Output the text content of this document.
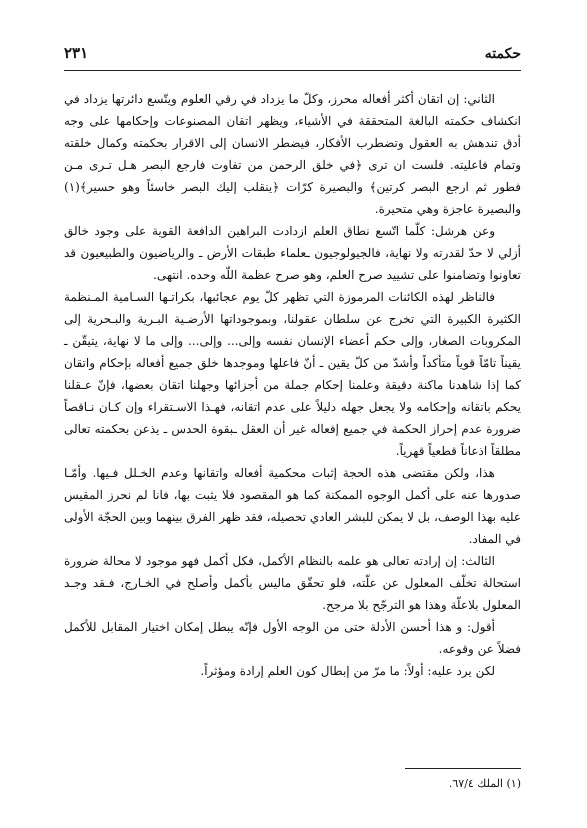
حكمته
٢٣١

الثاني: إن اتقان أكثر أفعاله محرز، وكلّ ما يزداد في رقي العلوم ويتّسع دائرتها يزداد في انكشاف حكمته البالغة المتحققة في الأشياء، ويظهر اتقان المصنوعات وإحكامها على وجه أدق تندهش به العقول وتضطرب الأفكار، فيضطر الانسان إلى الاقرار بحكمته وكمال خلقته وتمام فاعليته. فلست ان ترى ﴿في خلق الرحمن من تفاوت فارجع البصر هـل تـرى مـن فطور ثم ارجع البصر كرتين﴾ والبصيرة كرّات ﴿ينقلب إليك البصر خاسئاً وهو حسير﴾(١) والبصيرة عاجزة وهي متحيرة.

وعن هرشل: كلّما اتّسع نطاق العلم ازدادت البراهين الدافعة القوية على وجود خالق أزلي لا حدّ لقدرته ولا نهاية، فالجيولوجيون ـعلماء طبقات الأرض ـ والرياضيون والطبيعيون قد تعاونوا وتضامنوا على تشييد صرح العلم، وهو صرح عظمة اللّه وحده. انتهى.

فالناظر لهذه الكائنات المرموزة التي تظهر كلّ يوم عجائبها، بكراتـها السـامية المـنظمة الكثيرة الكبيرة التي تخرج عن سلطان عقولنا، وبموجوداتها الأرضـية البـرية والبـحرية إلى المكروبات الصغار، وإلى حكم أعضاء الإنسان نفسه وإلى... وإلى... وإلى ما لا نهاية، يتيقّن ـ يقيناً تامّاً قوياً متأكداً وأشدّ من كلّ يقين ـ أنّ فاعلها وموجدها خلق جميع أفعاله بإحكام واتقان كما إذا شاهدنا ماكنة دقيقة وعلمنا إحكام جملة من أجزائها وجهلنا اتقان بعضها، فإنّ عـقلنا يحكم باتقانه وإحكامه ولا يجعل جهله دليلاً على عدم اتقانه، فهـذا الاسـتقراء وإن كـان نـاقصاً ضرورة عدم إحراز الحكمة في جميع إفعاله غير أن العقل ـبقوة الحدس ـ يذعن بحكمته تعالى مطلقاً اذعاناً قطعياً قهرياً.

هذا، ولكن مقتضى هذه الحجة إثبات محكمية أفعاله واتقانها وعدم الخـلل فـيها. وأمّـا صدورها عنه على أكمل الوجوه الممكنة كما هو المقصود فلا يثبت بها، فانا لم نحرز المقيس عليه بهذا الوصف، بل لا يمكن للبشر العادي تحصيله، فقد ظهر الفرق بينهما وبين الحجّة الأولى في المفاد.

الثالث: إن إرادته تعالى هو علمه بالنظام الأكمل، فكل أكمل فهو موجود لا محالة ضرورة استحالة تخلّف المعلول عن علّته، فلو تحقّق ماليس بأكمل وأصلح في الخـارج، فـقد وجـد المعلول بلاعلّة وهذا هو الترجّح بلا مرجح.

أقول: و هذا أحسن الأدلة حتى من الوجه الأول فإنّه يبطل إمكان اختيار المقابل للأكمل فضلاً عن وقوعه.

لكن يرد عليه: أولاً: ما مرّ من إبطال كون العلم إرادة ومؤثراً.

(١) الملك ٦٧/٤.
